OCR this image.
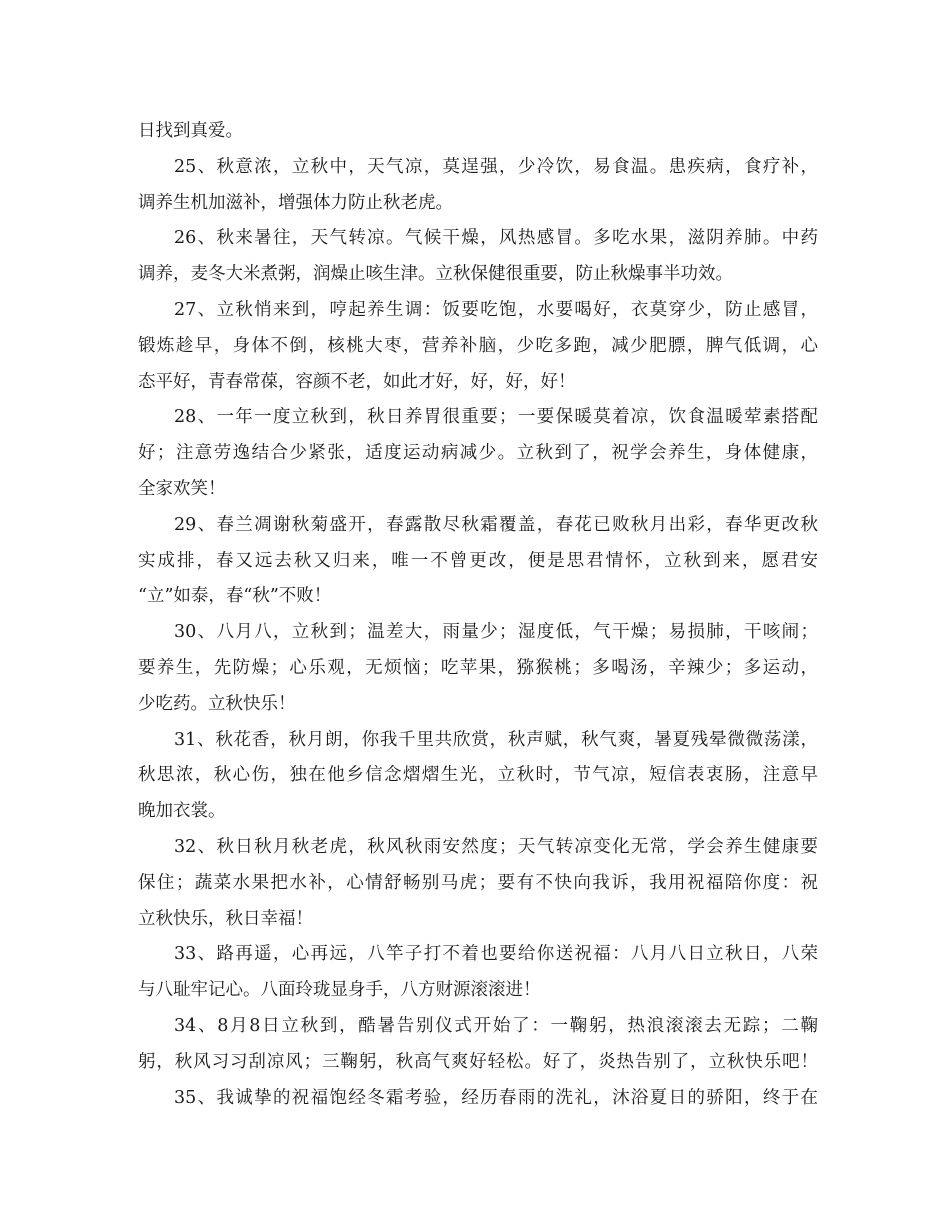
日找到真爱。
25、秋意浓，立秋中，天气凉，莫逞强，少冷饮，易食温。患疾病，食疗补，
调养生机加滋补，增强体力防止秋老虎。
26、秋来暑往，天气转凉。气候干燥，风热感冒。多吃水果，滋阴养肺。中药
调养，麦冬大米煮粥，润燥止咳生津。立秋保健很重要，防止秋燥事半功效。
27、立秋悄来到，哼起养生调：饭要吃饱，水要喝好，衣莫穿少，防止感冒，
锻炼趁早，身体不倒，核桃大枣，营养补脑，少吃多跑，减少肥膘，脾气低调，心
态平好，青春常葆，容颜不老，如此才好，好，好，好！
28、一年一度立秋到，秋日养胃很重要；一要保暖莫着凉，饮食温暖荤素搭配
好；注意劳逸结合少紧张，适度运动病减少。立秋到了，祝学会养生，身体健康，
全家欢笑！
29、春兰凋谢秋菊盛开，春露散尽秋霜覆盖，春花已败秋月出彩，春华更改秋
实成排，春又远去秋又归来，唯一不曾更改，便是思君情怀，立秋到来，愿君安
“立”如泰，春“秋”不败！
30、八月八，立秋到；温差大，雨量少；湿度低，气干燥；易损肺，干咳闹；
要养生，先防燥；心乐观，无烦恼；吃苹果，猕猴桃；多喝汤，辛辣少；多运动，
少吃药。立秋快乐！
31、秋花香，秋月朗，你我千里共欣赏，秋声赋，秋气爽，暑夏残晕微微荡漾，
秋思浓，秋心伤，独在他乡信念熠熠生光，立秋时，节气凉，短信表衷肠，注意早
晚加衣裳。
32、秋日秋月秋老虎，秋风秋雨安然度；天气转凉变化无常，学会养生健康要
保住；蔬菜水果把水补，心情舒畅别马虎；要有不快向我诉，我用祝福陪你度：祝
立秋快乐，秋日幸福！
33、路再遥，心再远，八竿子打不着也要给你送祝福：八月八日立秋日，八荣
与八耻牢记心。八面玲珑显身手，八方财源滚滚进！
34、8月8日立秋到，酷暑告别仪式开始了：一鞠躬，热浪滚滚去无踪；二鞠
躬，秋风习习刮凉风；三鞠躬，秋高气爽好轻松。好了，炎热告别了，立秋快乐吧！
35、我诚挚的祝福饱经冬霜考验，经历春雨的洗礼，沐浴夏日的骄阳，终于在
